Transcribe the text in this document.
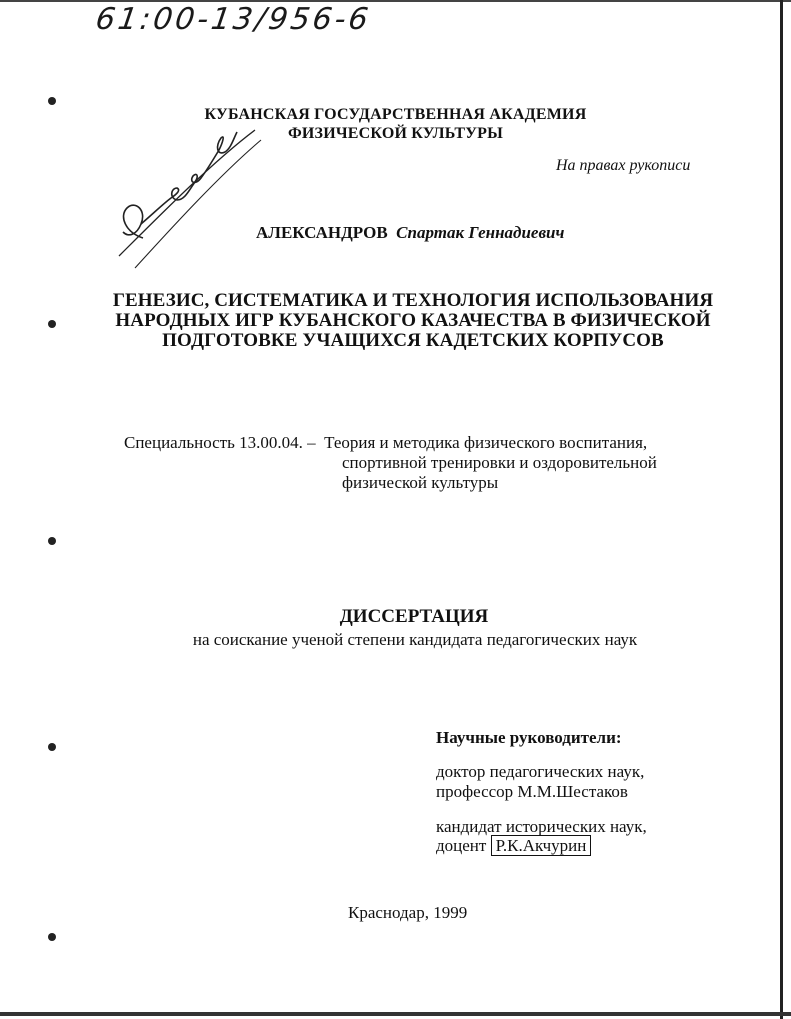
61:00-13/956-6
КУБАНСКАЯ ГОСУДАРСТВЕННАЯ АКАДЕМИЯ
ФИЗИЧЕСКОЙ КУЛЬТУРЫ
На правах рукописи
АЛЕКСАНДРОВ Спартак Геннадиевич
ГЕНЕЗИС, СИСТЕМАТИКА И ТЕХНОЛОГИЯ ИСПОЛЬЗОВАНИЯ
НАРОДНЫХ ИГР КУБАНСКОГО КАЗАЧЕСТВА В ФИЗИЧЕСКОЙ
ПОДГОТОВКЕ УЧАЩИХСЯ КАДЕТСКИХ КОРПУСОВ
Специальность 13.00.04. – Теория и методика физического воспитания,
спортивной тренировки и оздоровительной
физической культуры
ДИССЕРТАЦИЯ
на соискание ученой степени кандидата педагогических наук
Научные руководители:
доктор педагогических наук,
профессор М.М.Шестаков
кандидат исторических наук,
доцент Р.К.Акчурин
Краснодар, 1999
